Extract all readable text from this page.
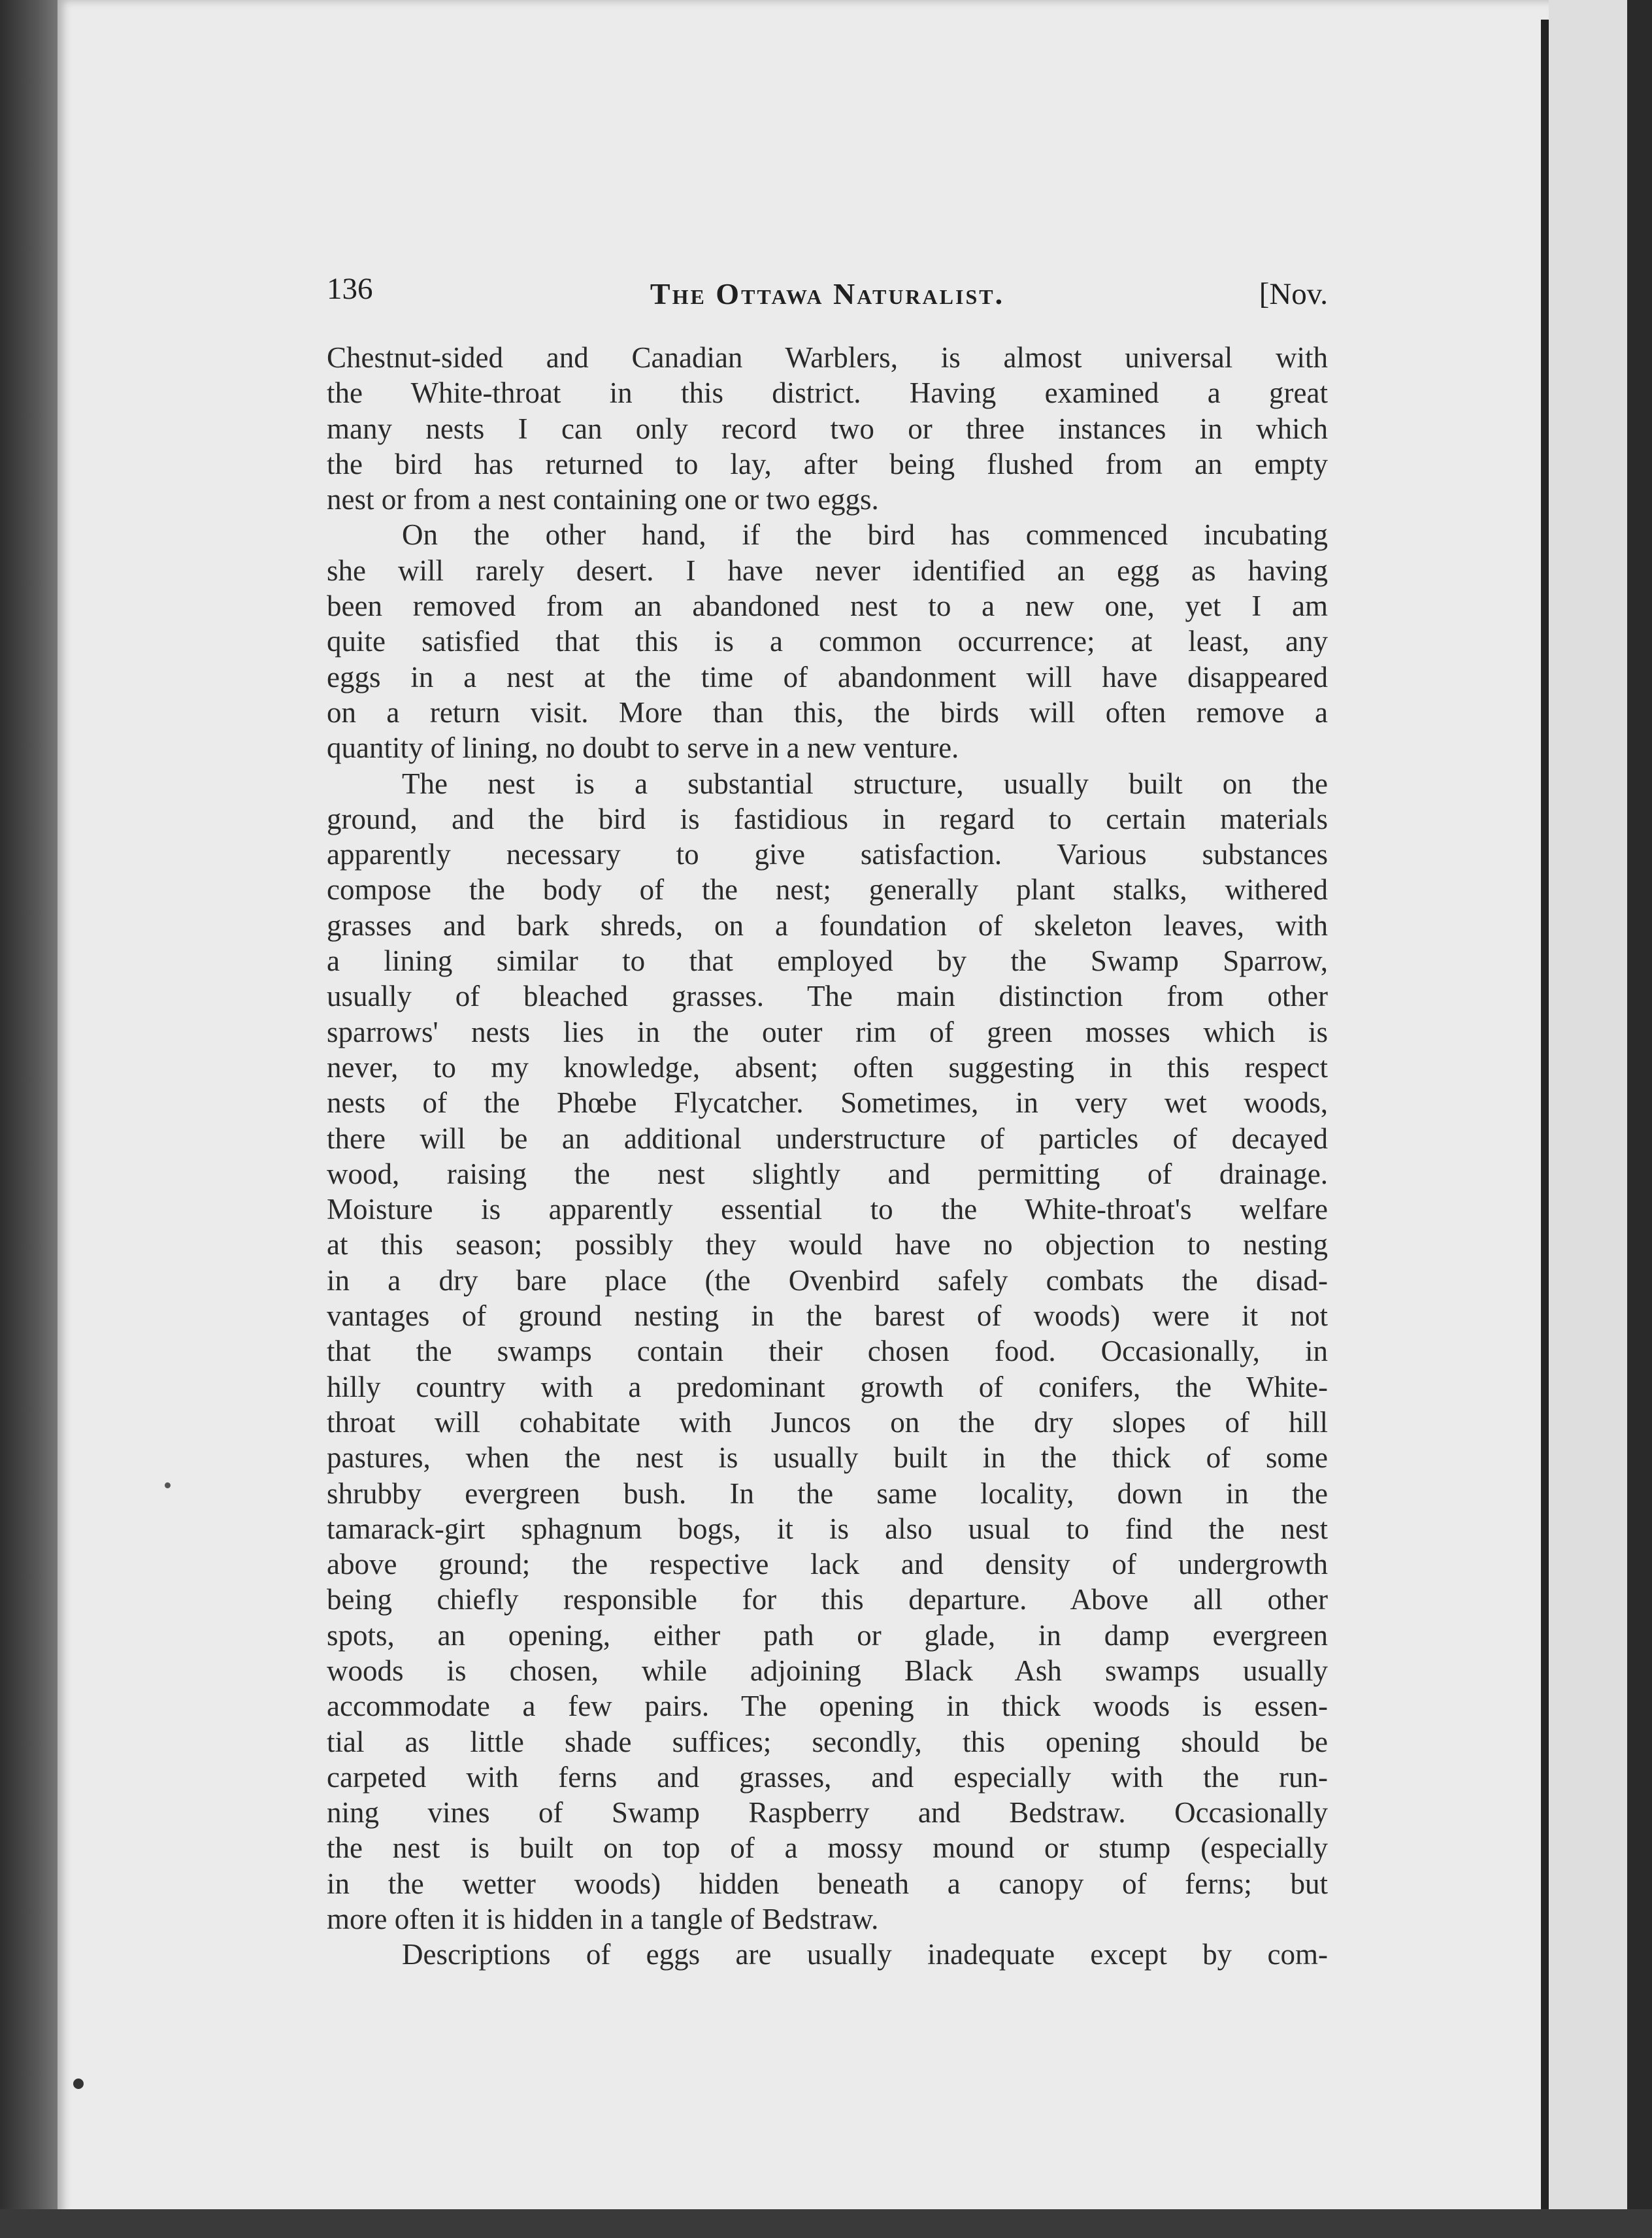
136	The Ottawa Naturalist.	[Nov.
Chestnut-sided and Canadian Warblers, is almost universal with
the White-throat in this district. Having examined a great
many nests I can only record two or three instances in which
the bird has returned to lay, after being flushed from an empty
nest or from a nest containing one or two eggs.
On the other hand, if the bird has commenced incubating
she will rarely desert. I have never identified an egg as having
been removed from an abandoned nest to a new one, yet I am
quite satisfied that this is a common occurrence; at least, any
eggs in a nest at the time of abandonment will have disappeared
on a return visit. More than this, the birds will often remove a
quantity of lining, no doubt to serve in a new venture.
The nest is a substantial structure, usually built on the
ground, and the bird is fastidious in regard to certain materials
apparently necessary to give satisfaction. Various substances
compose the body of the nest; generally plant stalks, withered
grasses and bark shreds, on a foundation of skeleton leaves, with
a lining similar to that employed by the Swamp Sparrow,
usually of bleached grasses. The main distinction from other
sparrows' nests lies in the outer rim of green mosses which is
never, to my knowledge, absent; often suggesting in this respect
nests of the Phœbe Flycatcher. Sometimes, in very wet woods,
there will be an additional understructure of particles of decayed
wood, raising the nest slightly and permitting of drainage.
Moisture is apparently essential to the White-throat's welfare
at this season; possibly they would have no objection to nesting
in a dry bare place (the Ovenbird safely combats the disad-
vantages of ground nesting in the barest of woods) were it not
that the swamps contain their chosen food. Occasionally, in
hilly country with a predominant growth of conifers, the White-
throat will cohabitate with Juncos on the dry slopes of hill
pastures, when the nest is usually built in the thick of some
shrubby evergreen bush. In the same locality, down in the
tamarack-girt sphagnum bogs, it is also usual to find the nest
above ground; the respective lack and density of undergrowth
being chiefly responsible for this departure. Above all other
spots, an opening, either path or glade, in damp evergreen
woods is chosen, while adjoining Black Ash swamps usually
accommodate a few pairs. The opening in thick woods is essen-
tial as little shade suffices; secondly, this opening should be
carpeted with ferns and grasses, and especially with the run-
ning vines of Swamp Raspberry and Bedstraw. Occasionally
the nest is built on top of a mossy mound or stump (especially
in the wetter woods) hidden beneath a canopy of ferns; but
more often it is hidden in a tangle of Bedstraw.
Descriptions of eggs are usually inadequate except by com-
